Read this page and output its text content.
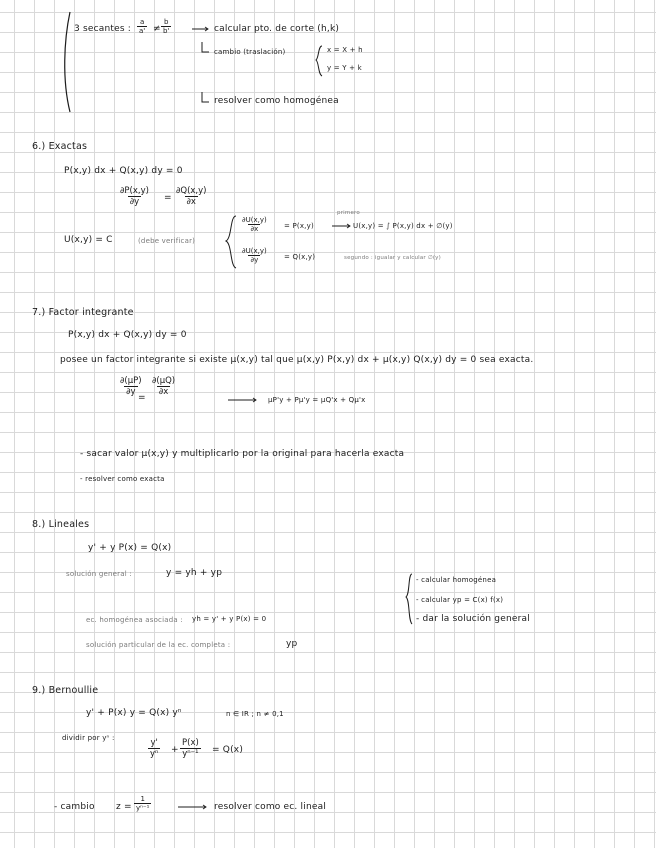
3 secantes : $\frac{a}{a'} \ne \frac{b}{b'}$	calcular pto. de corte (h,k)
cambio (traslación)	x = X + h
y = Y + k
resolver como homogénea
6.) Exactas
P(x,y) dx + Q(x,y) dy = 0
$\frac{\partial P(x,y)}{\partial y} = \frac{\partial Q(x,y)}{\partial x}$
U(x,y) = C	(debe verificar)
$\frac{\partial U(x,y)}{\partial x} = P(x,y)$
primero
U(x,y) = ∫ P(x,y) dx + ∅(y)
$\frac{\partial U(x,y)}{\partial y} = Q(x,y)$	segundo : igualar y calcular ∅(y)
7.) Factor integrante
P(x,y) dx + Q(x,y) dy = 0
posee un factor integrante si existe μ(x,y) tal que μ(x,y) P(x,y) dx + μ(x,y) Q(x,y) dy = 0 sea exacta.
$\frac{\partial(\mu P)}{\partial y}$
=
$\frac{\partial(\mu Q)}{\partial x}$
μP'y + Pμ'y = μQ'x + Qμ'x
- sacar valor μ(x,y) y multiplicarlo por la original para hacerla exacta
- resolver como exacta
8.) Lineales
y' + y P(x) = Q(x)
solución general :	y = yh + yp
ec. homogénea asociada : yh = y' + y P(x) = 0
solución particular de la ec. completa :	yp
- calcular homogénea
- calcular yp = C(x) f(x)
- dar la solución general
9.) Bernoullie
y' + P(x) y = Q(x) yⁿ	n ∈ IR ; n ≠ 0,1
dividir por yⁿ :	$\frac{y'}{\text{yⁿ}} + \frac{P(x)}{\text{yⁿ⁻¹}} = Q(x)$
- cambio $z = \frac{1}{\text{yⁿ⁻¹}}$	resolver como ec. lineal
